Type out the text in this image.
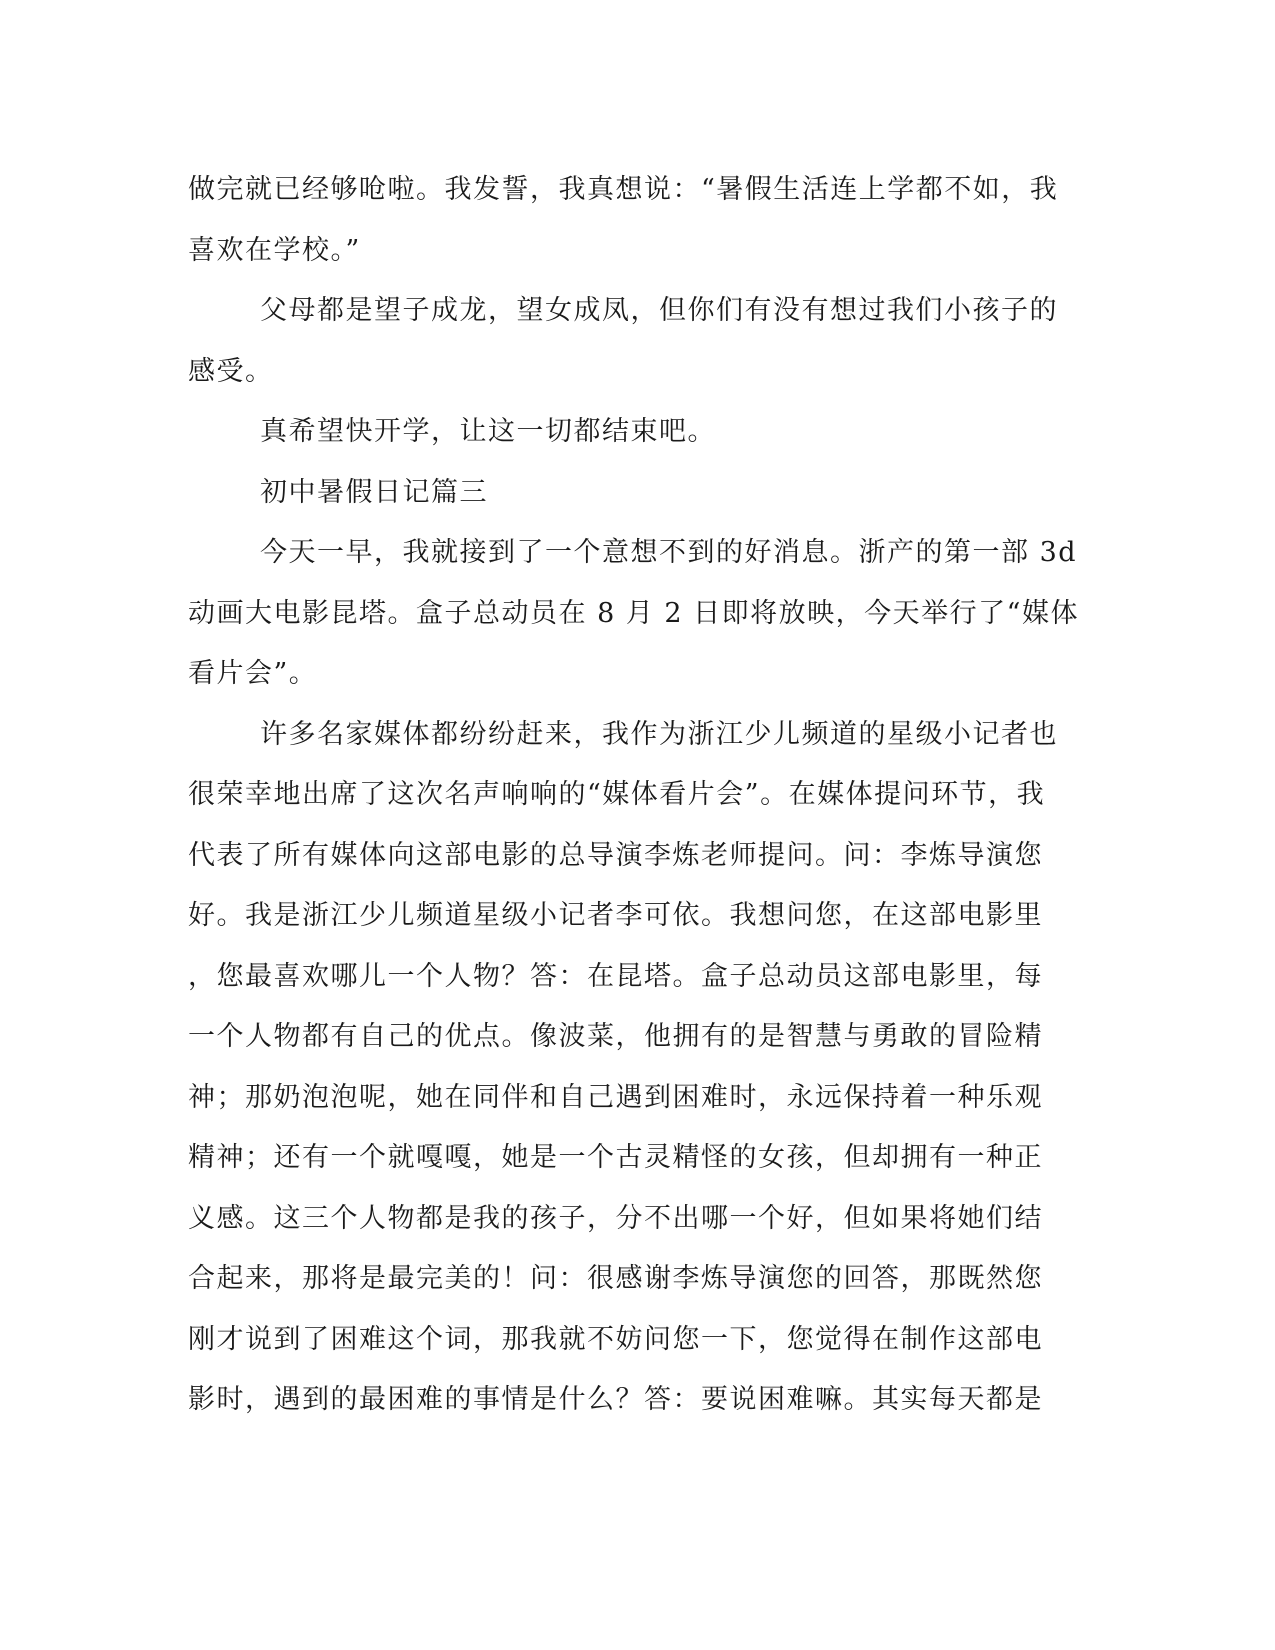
做完就已经够呛啦。我发誓，我真想说：“暑假生活连上学都不如，我
喜欢在学校。”
父母都是望子成龙，望女成凤，但你们有没有想过我们小孩子的
感受。
真希望快开学，让这一切都结束吧。
初中暑假日记篇三
今天一早，我就接到了一个意想不到的好消息。浙产的第一部 3d
动画大电影昆塔。盒子总动员在 8 月 2 日即将放映，今天举行了“媒体
看片会”。
许多名家媒体都纷纷赶来，我作为浙江少儿频道的星级小记者也
很荣幸地出席了这次名声响响的“媒体看片会”。在媒体提问环节，我
代表了所有媒体向这部电影的总导演李炼老师提问。问：李炼导演您
好。我是浙江少儿频道星级小记者李可依。我想问您，在这部电影里
，您最喜欢哪儿一个人物？答：在昆塔。盒子总动员这部电影里，每
一个人物都有自己的优点。像波菜，他拥有的是智慧与勇敢的冒险精
神；那奶泡泡呢，她在同伴和自己遇到困难时，永远保持着一种乐观
精神；还有一个就嘎嘎，她是一个古灵精怪的女孩，但却拥有一种正
义感。这三个人物都是我的孩子，分不出哪一个好，但如果将她们结
合起来，那将是最完美的！问：很感谢李炼导演您的回答，那既然您
刚才说到了困难这个词，那我就不妨问您一下，您觉得在制作这部电
影时，遇到的最困难的事情是什么？答：要说困难嘛。其实每天都是
